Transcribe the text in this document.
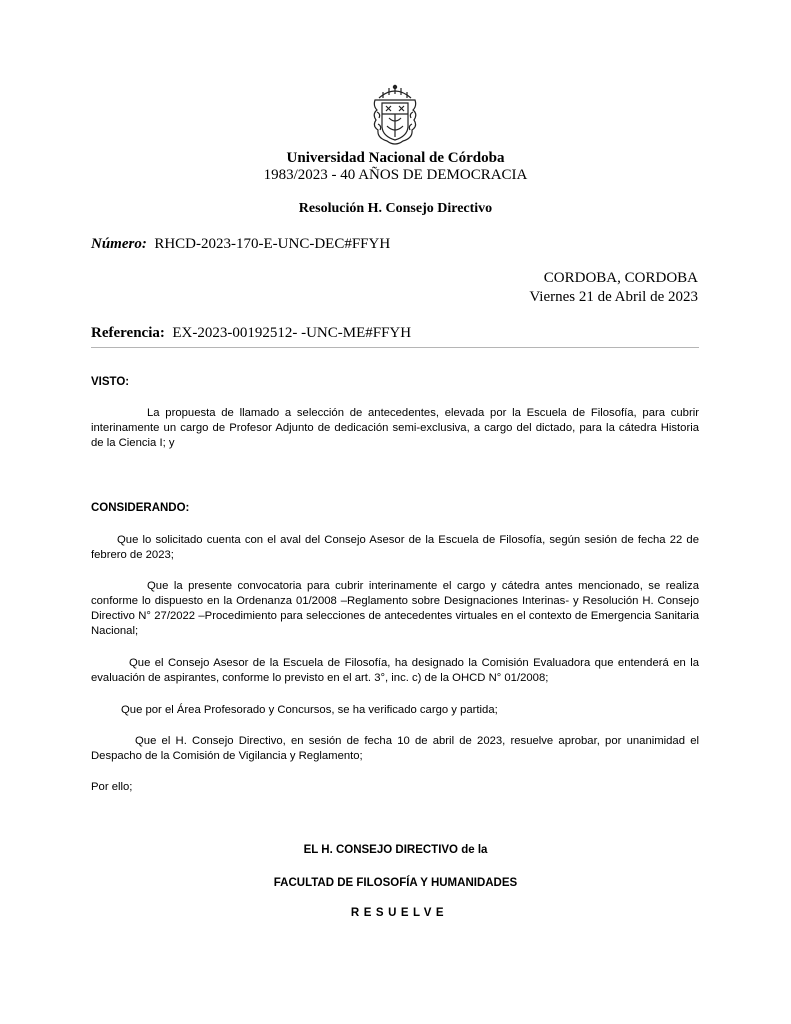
Universidad Nacional de Córdoba
1983/2023 - 40 AÑOS DE DEMOCRACIA
Resolución H. Consejo Directivo
Número: RHCD-2023-170-E-UNC-DEC#FFYH
CORDOBA, CORDOBA
Viernes 21 de Abril de 2023
Referencia: EX-2023-00192512- -UNC-ME#FFYH
VISTO:
La propuesta de llamado a selección de antecedentes, elevada por la Escuela de Filosofía, para cubrir interinamente un cargo de Profesor Adjunto de dedicación semi-exclusiva, a cargo del dictado, para la cátedra Historia de la Ciencia I; y
CONSIDERANDO:
Que lo solicitado cuenta con el aval del Consejo Asesor de la Escuela de Filosofía, según sesión de fecha 22 de febrero de 2023;
Que la presente convocatoria para cubrir interinamente el cargo y cátedra antes mencionado, se realiza conforme lo dispuesto en la Ordenanza 01/2008 –Reglamento sobre Designaciones Interinas- y Resolución H. Consejo Directivo N° 27/2022 –Procedimiento para selecciones de antecedentes virtuales en el contexto de Emergencia Sanitaria Nacional;
Que el Consejo Asesor de la Escuela de Filosofía, ha designado la Comisión Evaluadora que entenderá en la evaluación de aspirantes, conforme lo previsto en el art. 3°, inc. c) de la OHCD N° 01/2008;
Que por el Área Profesorado y Concursos, se ha verificado cargo y partida;
Que el H. Consejo Directivo, en sesión de fecha 10 de abril de 2023, resuelve aprobar, por unanimidad el Despacho de la Comisión de Vigilancia y Reglamento;
Por ello;
EL H. CONSEJO DIRECTIVO de la
FACULTAD DE FILOSOFÍA Y HUMANIDADES
RESUELVE
